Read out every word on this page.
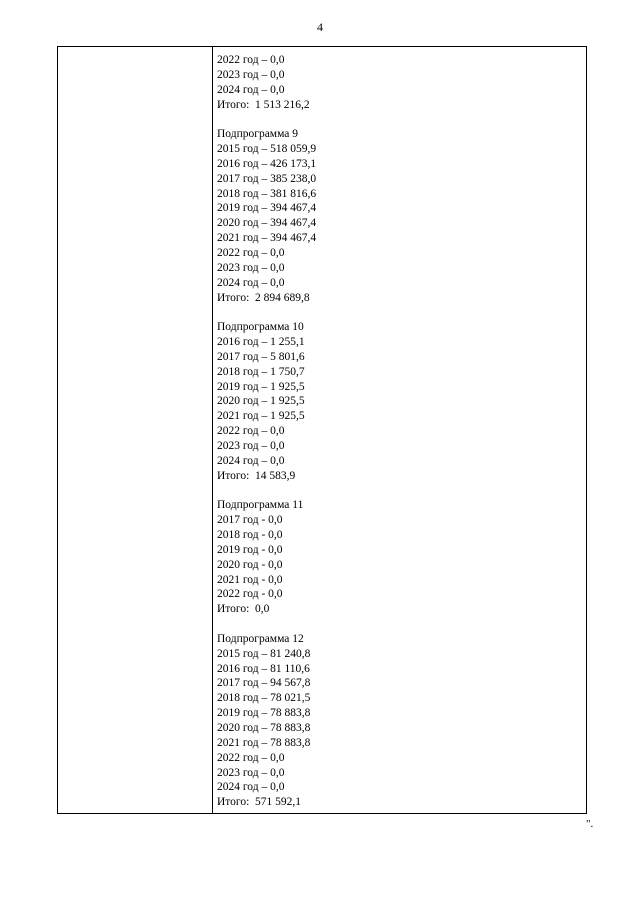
4
2022 год – 0,0
2023 год – 0,0
2024 год – 0,0
Итого:  1 513 216,2
Подпрограмма 9
2015 год – 518 059,9
2016 год – 426 173,1
2017 год – 385 238,0
2018 год – 381 816,6
2019 год – 394 467,4
2020 год – 394 467,4
2021 год – 394 467,4
2022 год – 0,0
2023 год – 0,0
2024 год – 0,0
Итого:  2 894 689,8
Подпрограмма 10
2016 год – 1 255,1
2017 год – 5 801,6
2018 год – 1 750,7
2019 год – 1 925,5
2020 год – 1 925,5
2021 год – 1 925,5
2022 год – 0,0
2023 год – 0,0
2024 год – 0,0
Итого:  14 583,9
Подпрограмма 11
2017 год - 0,0
2018 год - 0,0
2019 год - 0,0
2020 год - 0,0
2021 год - 0,0
2022 год - 0,0
Итого:  0,0
Подпрограмма 12
2015 год – 81 240,8
2016 год – 81 110,6
2017 год – 94 567,8
2018 год – 78 021,5
2019 год – 78 883,8
2020 год – 78 883,8
2021 год – 78 883,8
2022 год – 0,0
2023 год – 0,0
2024 год – 0,0
Итого:  571 592,1
".
